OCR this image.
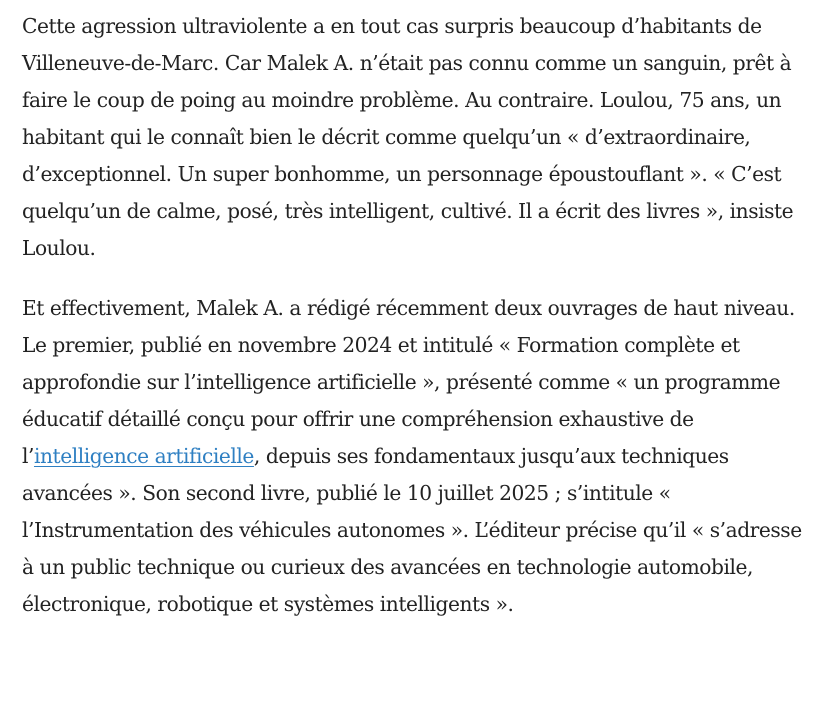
Cette agression ultraviolente a en tout cas surpris beaucoup d’habitants de Villeneuve-de-Marc. Car Malek A. n’était pas connu comme un sanguin, prêt à faire le coup de poing au moindre problème. Au contraire. Loulou, 75 ans, un habitant qui le connaît bien le décrit comme quelqu’un « d’extraordinaire, d’exceptionnel. Un super bonhomme, un personnage époustouflant ». « C’est quelqu’un de calme, posé, très intelligent, cultivé. Il a écrit des livres », insiste Loulou.

Et effectivement, Malek A. a rédigé récemment deux ouvrages de haut niveau. Le premier, publié en novembre 2024 et intitulé « Formation complète et approfondie sur l’intelligence artificielle », présenté comme « un programme éducatif détaillé conçu pour offrir une compréhension exhaustive de l’intelligence artificielle, depuis ses fondamentaux jusqu’aux techniques avancées ». Son second livre, publié le 10 juillet 2025 ; s’intitule « l’Instrumentation des véhicules autonomes ». L’éditeur précise qu’il « s’adresse à un public technique ou curieux des avancées en technologie automobile, électronique, robotique et systèmes intelligents ».
